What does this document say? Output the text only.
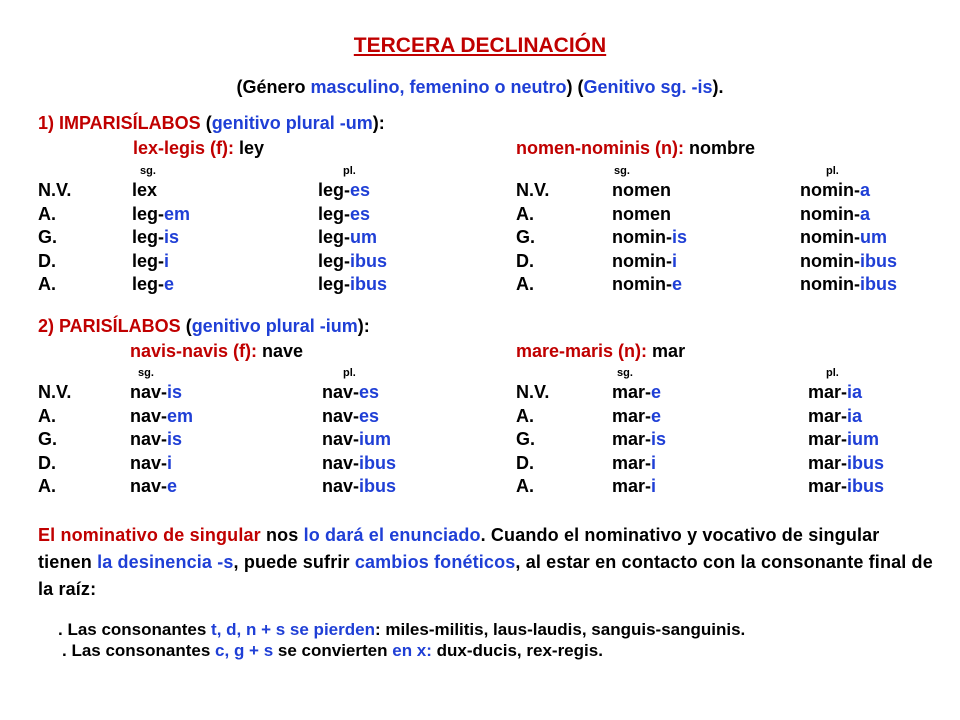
TERCERA DECLINACIÓN
(Género masculino, femenino o neutro) (Genitivo sg. -is).
1) IMPARISÍLABOS (genitivo plural -um):
lex-legis (f): ley
sg.	pl.
N.V.	lex	leg-es
A.	leg-em	leg-es
G.	leg-is	leg-um
D.	leg-i	leg-ibus
A.	leg-e	leg-ibus
nomen-nominis (n): nombre
sg.	pl.
N.V.	nomen	nomin-a
A.	nomen	nomin-a
G.	nomin-is	nomin-um
D.	nomin-i	nomin-ibus
A.	nomin-e	nomin-ibus
2) PARISÍLABOS (genitivo plural -ium):
navis-navis (f): nave
sg.	pl.
N.V.	nav-is	nav-es
A.	nav-em	nav-es
G.	nav-is	nav-ium
D.	nav-i	nav-ibus
A.	nav-e	nav-ibus
mare-maris (n): mar
sg.	pl.
N.V.	mar-e	mar-ia
A.	mar-e	mar-ia
G.	mar-is	mar-ium
D.	mar-i	mar-ibus
A.	mar-i	mar-ibus
El nominativo de singular nos lo dará el enunciado. Cuando el nominativo y vocativo de singular tienen la desinencia -s, puede sufrir cambios fonéticos, al estar en contacto con la consonante final de la raíz:
. Las consonantes t, d, n + s se pierden: miles-militis, laus-laudis, sanguis-sanguinis.
. Las consonantes c, g + s se convierten en x: dux-ducis, rex-regis.
